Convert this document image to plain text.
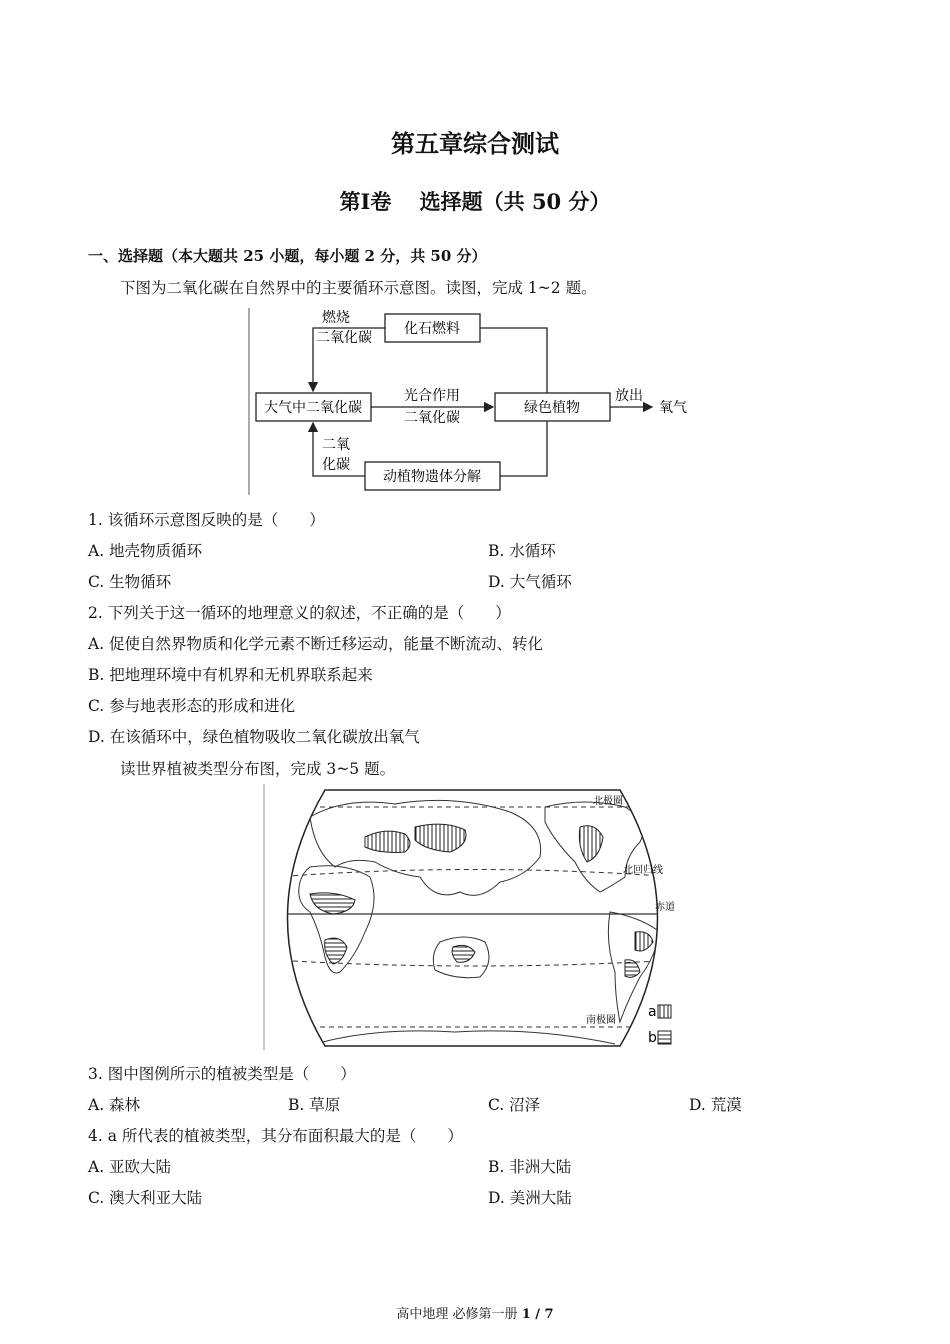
第五章综合测试
第Ⅰ卷　 选择题（共 50 分）
一、选择题（本大题共 25 小题，每小题 2 分，共 50 分）
下图为二氧化碳在自然界中的主要循环示意图。读图，完成 1~2 题。
化石燃料
燃烧
二氧化碳
大气中二氧化碳
光合作用
二氧化碳
绿色植物
放出
氧气
二氧
化碳
动植物遗体分解
1. 该循环示意图反映的是（　　）
A. 地壳物质循环	B. 水循环
C. 生物循环	D. 大气循环
2. 下列关于这一循环的地理意义的叙述，不正确的是（　　）
A. 促使自然界物质和化学元素不断迁移运动，能量不断流动、转化
B. 把地理环境中有机界和无机界联系起来
C. 参与地表形态的形成和进化
D. 在该循环中，绿色植物吸收二氧化碳放出氧气
读世界植被类型分布图，完成 3~5 题。
北极圈
北回归线
赤道
南极圈
a
b
3. 图中图例所示的植被类型是（　　）
A. 森林	B. 草原	C. 沼泽	D. 荒漠
4. a 所代表的植被类型，其分布面积最大的是（　　）
A. 亚欧大陆	B. 非洲大陆
C. 澳大利亚大陆	D. 美洲大陆
高中地理 必修第一册 1 / 7
